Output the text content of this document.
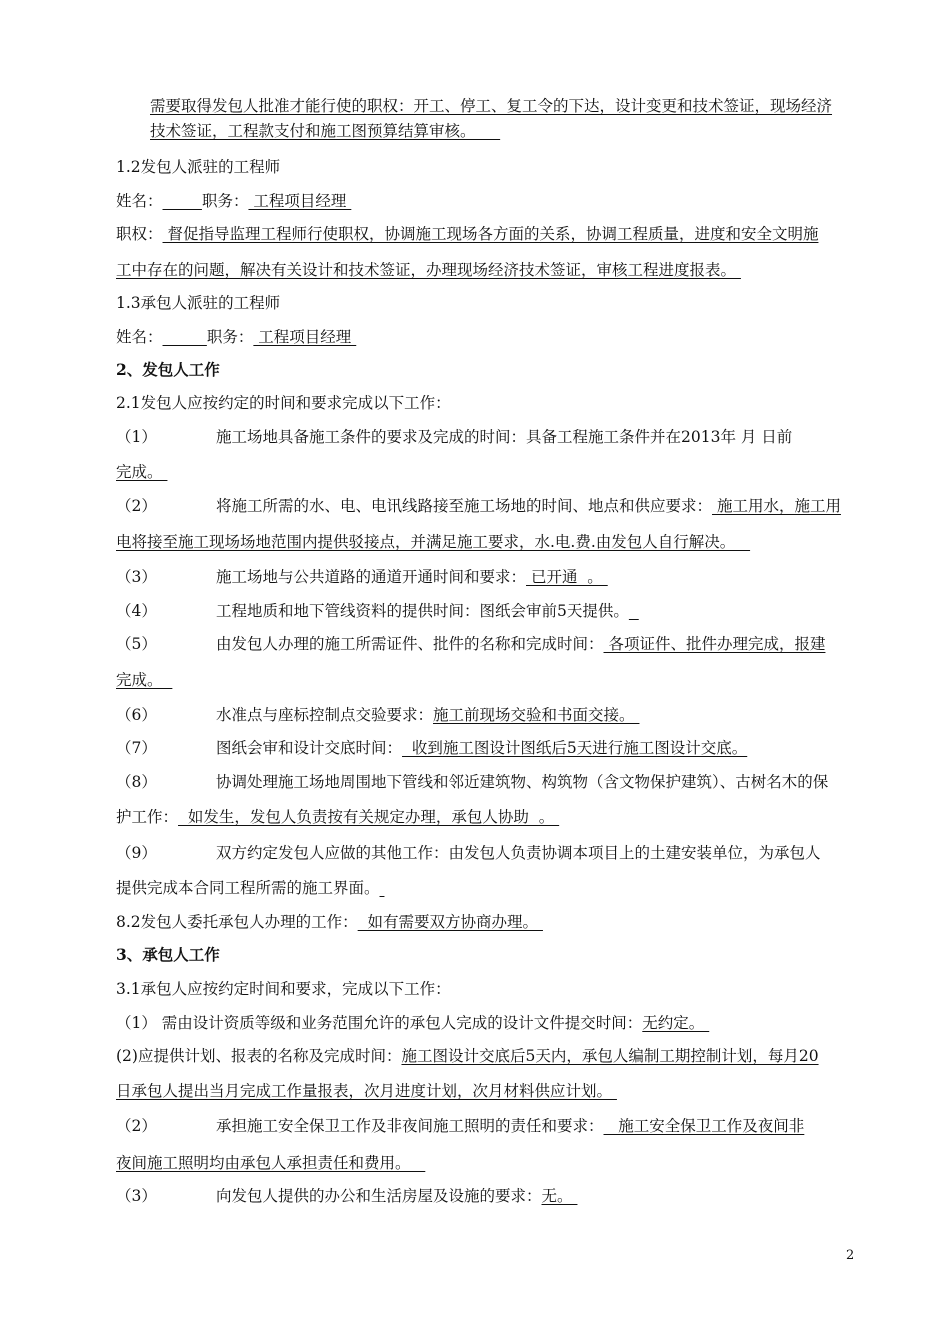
需要取得发包人批准才能行使的职权：开工、停工、复工令的下达，设计变更和技术签证，现场经济
技术签证，工程款支付和施工图预算结算审核。
1.2发包人派驻的工程师
姓名：	职务： 工程项目经理
职权： 督促指导监理工程师行使职权，协调施工现场各方面的关系，协调工程质量，进度和安全文明施
工中存在的问题，解决有关设计和技术签证，办理现场经济技术签证，审核工程进度报表。
1.3承包人派驻的工程师
姓名：	职务： 工程项目经理
2、发包人工作
2.1发包人应按约定的时间和要求完成以下工作：
（1）	施工场地具备施工条件的要求及完成的时间：具备工程施工条件并在2013年 月 日前
完成。
（2）	将施工所需的水、电、电讯线路接至施工场地的时间、地点和供应要求： 施工用水，施工用
电将接至施工现场场地范围内提供驳接点，并满足施工要求，水.电.费.由发包人自行解决。
（3）	施工场地与公共道路的通道开通时间和要求： 已开通  。
（4）	工程地质和地下管线资料的提供时间：图纸会审前5天提供。
（5）	由发包人办理的施工所需证件、批件的名称和完成时间： 各项证件、批件办理完成，报建
完成。
（6）	水准点与座标控制点交验要求：施工前现场交验和书面交接。
（7）	图纸会审和设计交底时间：  收到施工图设计图纸后5天进行施工图设计交底。
（8）	协调处理施工场地周围地下管线和邻近建筑物、构筑物（含文物保护建筑）、古树名木的保
护工作：  如发生，发包人负责按有关规定办理，承包人协助  。
（9）	双方约定发包人应做的其他工作：由发包人负责协调本项目上的土建安装单位，为承包人
提供完成本合同工程所需的施工界面。
8.2发包人委托承包人办理的工作：  如有需要双方协商办理。
3、承包人工作
3.1承包人应按约定时间和要求，完成以下工作：
（1） 需由设计资质等级和业务范围允许的承包人完成的设计文件提交时间：无约定。
(2)应提供计划、报表的名称及完成时间：施工图设计交底后5天内，承包人编制工期控制计划，每月20
日承包人提出当月完成工作量报表，次月进度计划，次月材料供应计划。
（2）	承担施工安全保卫工作及非夜间施工照明的责任和要求：   施工安全保卫工作及夜间非
夜间施工照明均由承包人承担责任和费用。
（3）	向发包人提供的办公和生活房屋及设施的要求：无。
2
